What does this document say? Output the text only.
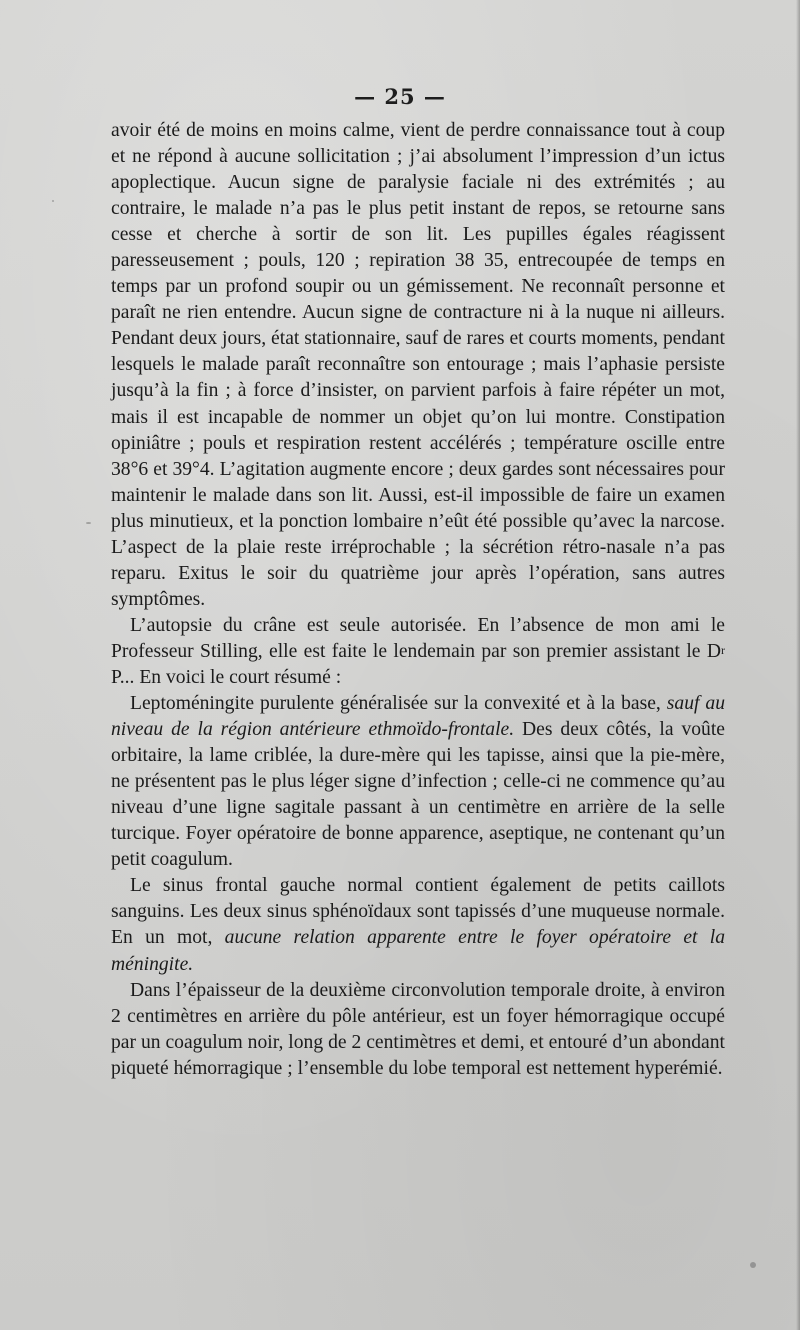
— 25 —

avoir été de moins en moins calme, vient de perdre connaissance tout à coup et ne répond à aucune sollicitation ; j’ai absolument l’impression d’un ictus apoplectique. Aucun signe de paralysie faciale ni des extrémités ; au contraire, le malade n’a pas le plus petit instant de repos, se retourne sans cesse et cherche à sortir de son lit. Les pupilles égales réagissent paresseusement ; pouls, 120 ; repiration 38 35, entrecoupée de temps en temps par un profond soupir ou un gémissement. Ne reconnaît personne et paraît ne rien entendre. Aucun signe de contracture ni à la nuque ni ailleurs. Pendant deux jours, état stationnaire, sauf de rares et courts moments, pendant lesquels le malade paraît reconnaître son entourage ; mais l’aphasie persiste jusqu’à la fin ; à force d’insister, on parvient parfois à faire répéter un mot, mais il est incapable de nommer un objet qu’on lui montre. Constipation opiniâtre ; pouls et respiration restent accélérés ; température oscille entre 38°6 et 39°4. L’agitation augmente encore ; deux gardes sont nécessaires pour maintenir le malade dans son lit. Aussi, est-il impossible de faire un examen plus minutieux, et la ponction lombaire n’eût été possible qu’avec la narcose. L’aspect de la plaie reste irréprochable ; la sécrétion rétro-nasale n’a pas reparu. Exitus le soir du quatrième jour après l’opération, sans autres symptômes.

L’autopsie du crâne est seule autorisée. En l’absence de mon ami le Professeur Stilling, elle est faite le lendemain par son premier assistant le $D^r$ P... En voici le court résumé :

Leptoméningite purulente généralisée sur la convexité et à la base, sauf au niveau de la région antérieure ethmoïdo-frontale. Des deux côtés, la voûte orbitaire, la lame criblée, la dure-mère qui les tapisse, ainsi que la pie-mère, ne présentent pas le plus léger signe d’infection ; celle-ci ne commence qu’au niveau d’une ligne sagitale passant à un centimètre en arrière de la selle turcique. Foyer opératoire de bonne apparence, aseptique, ne contenant qu’un petit coagulum.

Le sinus frontal gauche normal contient également de petits caillots sanguins. Les deux sinus sphénoïdaux sont tapissés d’une muqueuse normale. En un mot, aucune relation apparente entre le foyer opératoire et la méningite.

Dans l’épaisseur de la deuxième circonvolution temporale droite, à environ 2 centimètres en arrière du pôle antérieur, est un foyer hémorragique occupé par un coagulum noir, long de 2 centimètres et demi, et entouré d’un abondant piqueté hémorragique ; l’ensemble du lobe temporal est nettement hyperémié.
